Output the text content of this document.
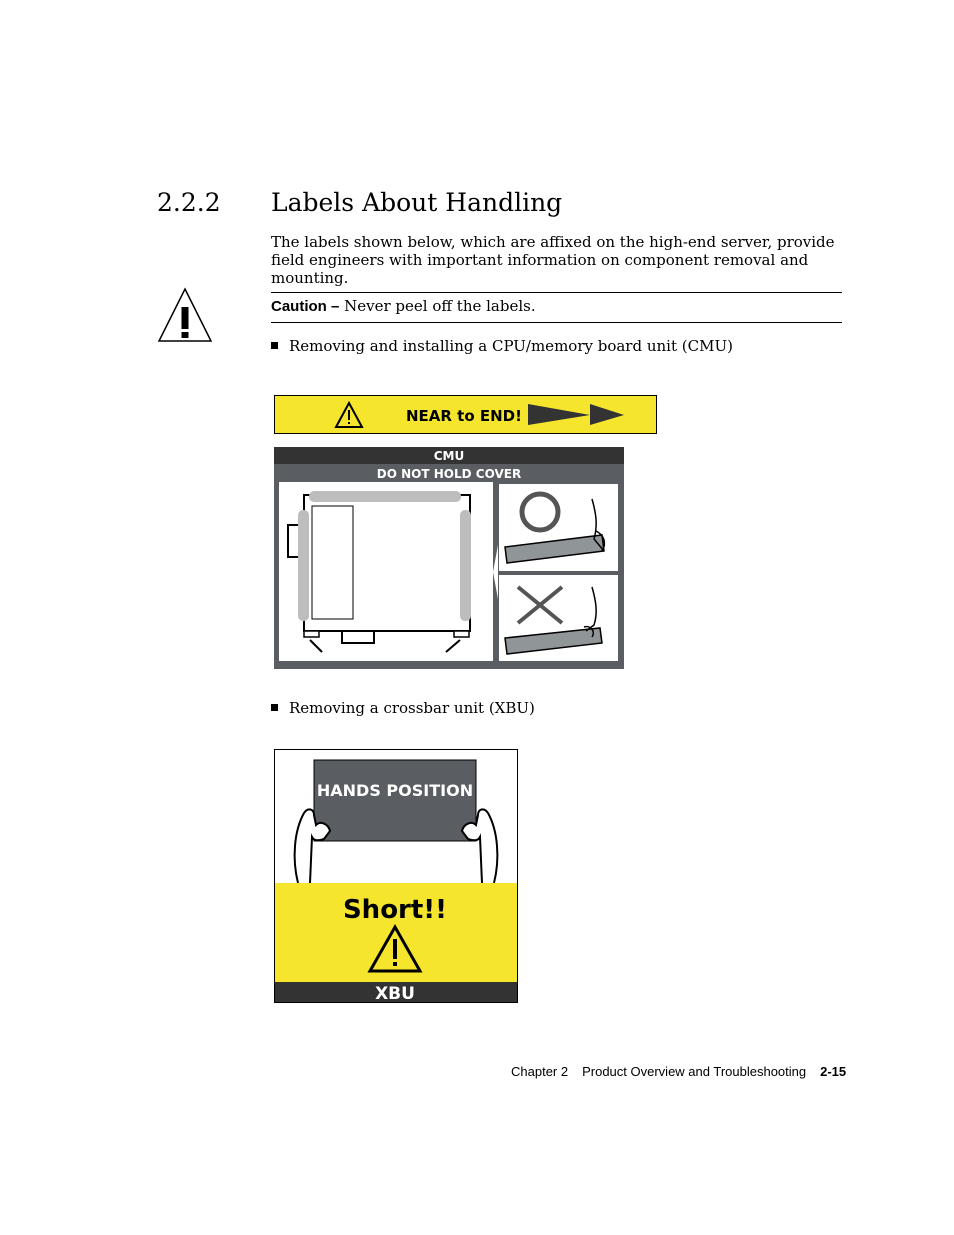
2.2.2 Labels About Handling
The labels shown below, which are affixed on the high-end server, provide field engineers with important information on component removal and mounting.
Caution – Never peel off the labels.
Removing and installing a CPU/memory board unit (CMU)
NEAR to END!
CMU
DO NOT HOLD COVER
Removing a crossbar unit (XBU)
HANDS POSITION
Short!!
XBU
Chapter 2 Product Overview and Troubleshooting 2-15
